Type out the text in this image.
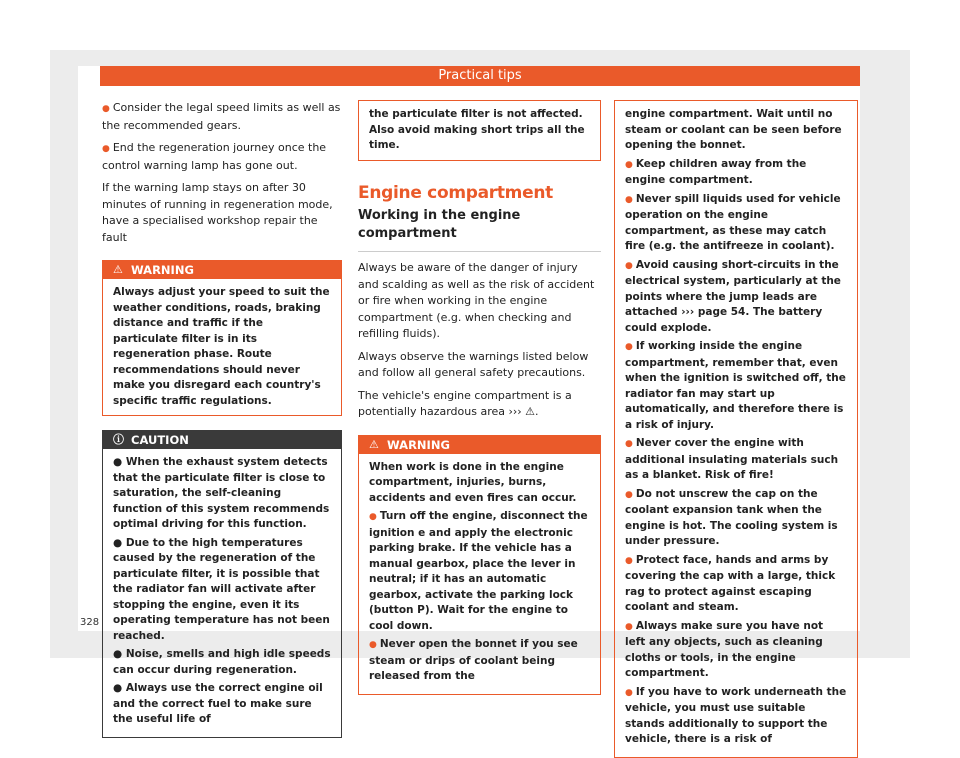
Practical tips

● Consider the legal speed limits as well as the recommended gears.

● End the regeneration journey once the control warning lamp has gone out.

If the warning lamp stays on after 30 minutes of running in regeneration mode, have a specialised workshop repair the fault

⚠ WARNING
Always adjust your speed to suit the weather conditions, roads, braking distance and traffic if the particulate filter is in its regeneration phase. Route recommendations should never make you disregard each country's specific traffic regulations.
ⓘ CAUTION

● When the exhaust system detects that the particulate filter is close to saturation, the self-cleaning function of this system recommends optimal driving for this function.

● Due to the high temperatures caused by the regeneration of the particulate filter, it is possible that the radiator fan will activate after stopping the engine, even it its operating temperature has not been reached.

● Noise, smells and high idle speeds can occur during regeneration.

● Always use the correct engine oil and the correct fuel to make sure the useful life of

the particulate filter is not affected. Also avoid making short trips all the time.
Engine compartment
Working in the engine compartment

Always be aware of the danger of injury and scalding as well as the risk of accident or fire when working in the engine compartment (e.g. when checking and refilling fluids).

Always observe the warnings listed below and follow all general safety precautions.

The vehicle's engine compartment is a potentially hazardous area ››› ⚠.

⚠ WARNING

When work is done in the engine compartment, injuries, burns, accidents and even fires can occur.

● Turn off the engine, disconnect the ignition e and apply the electronic parking brake. If the vehicle has a manual gearbox, place the lever in neutral; if it has an automatic gearbox, activate the parking lock (button P). Wait for the engine to cool down.

● Never open the bonnet if you see steam or drips of coolant being released from the

engine compartment. Wait until no steam or coolant can be seen before opening the bonnet.

● Keep children away from the engine compartment.

● Never spill liquids used for vehicle operation on the engine compartment, as these may catch fire (e.g. the antifreeze in coolant).

● Avoid causing short-circuits in the electrical system, particularly at the points where the jump leads are attached ››› page 54. The battery could explode.

● If working inside the engine compartment, remember that, even when the ignition is switched off, the radiator fan may start up automatically, and therefore there is a risk of injury.

● Never cover the engine with additional insulating materials such as a blanket. Risk of fire!

● Do not unscrew the cap on the coolant expansion tank when the engine is hot. The cooling system is under pressure.

● Protect face, hands and arms by covering the cap with a large, thick rag to protect against escaping coolant and steam.

● Always make sure you have not left any objects, such as cleaning cloths or tools, in the engine compartment.

● If you have to work underneath the vehicle, you must use suitable stands additionally to support the vehicle, there is a risk of

328
